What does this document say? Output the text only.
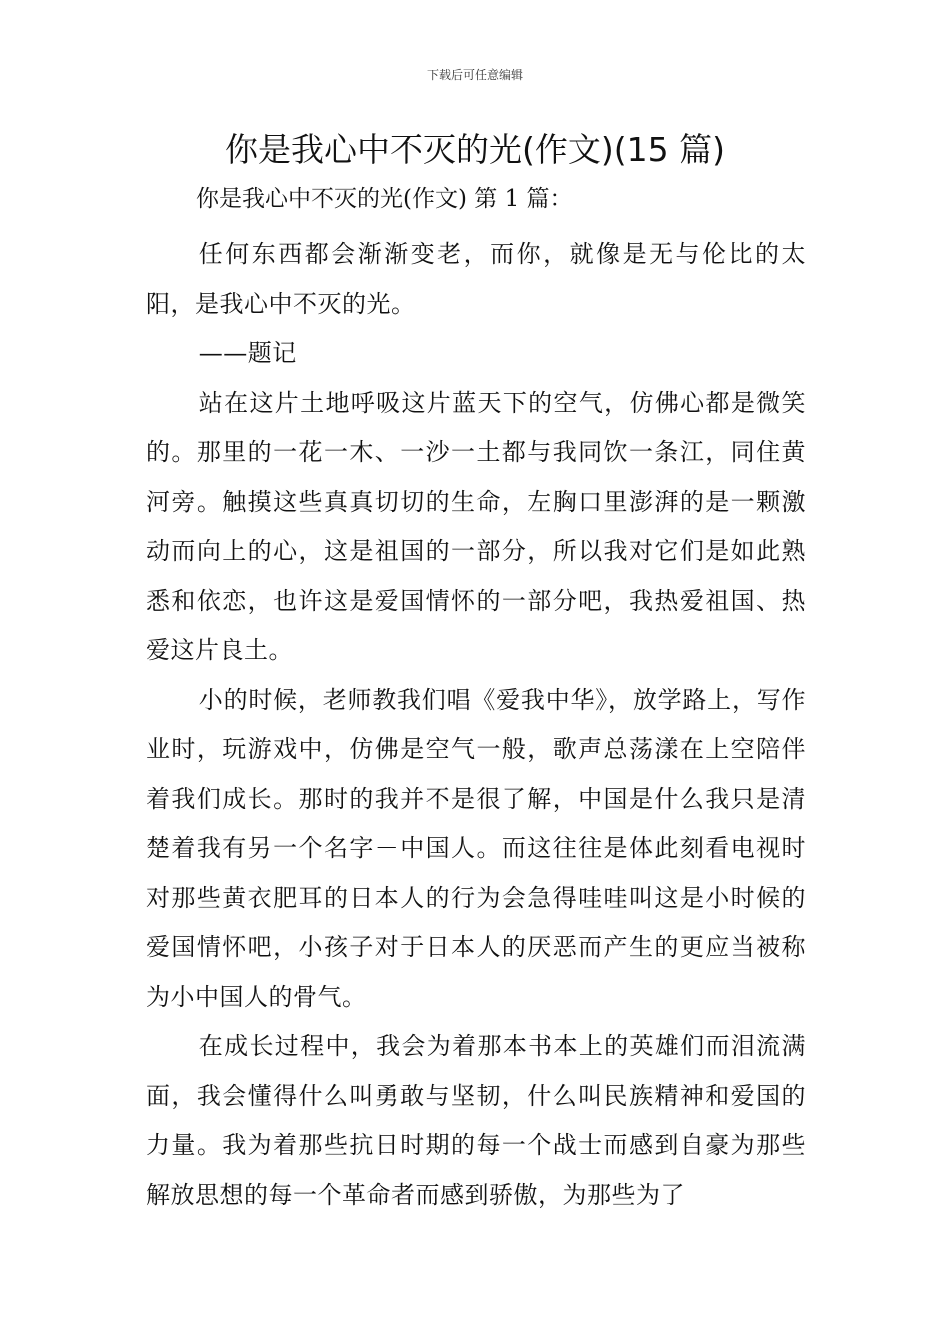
下载后可任意编辑
你是我心中不灭的光(作文)(15 篇)
你是我心中不灭的光(作文) 第 1 篇：

任何东西都会渐渐变老，而你，就像是无与伦比的太阳，是我心中不灭的光。

——题记

站在这片土地呼吸这片蓝天下的空气，仿佛心都是微笑的。那里的一花一木、一沙一土都与我同饮一条江，同住黄河旁。触摸这些真真切切的生命，左胸口里澎湃的是一颗激动而向上的心，这是祖国的一部分，所以我对它们是如此熟悉和依恋，也许这是爱国情怀的一部分吧，我热爱祖国、热爱这片良土。

小的时候，老师教我们唱《爱我中华》，放学路上，写作业时，玩游戏中，仿佛是空气一般，歌声总荡漾在上空陪伴着我们成长。那时的我并不是很了解，中国是什么我只是清楚着我有另一个名字－中国人。而这往往是体此刻看电视时对那些黄衣肥耳的日本人的行为会急得哇哇叫这是小时候的爱国情怀吧，小孩子对于日本人的厌恶而产生的更应当被称为小中国人的骨气。

在成长过程中，我会为着那本书本上的英雄们而泪流满面，我会懂得什么叫勇敢与坚韧，什么叫民族精神和爱国的力量。我为着那些抗日时期的每一个战士而感到自豪为那些解放思想的每一个革命者而感到骄傲，为那些为了
